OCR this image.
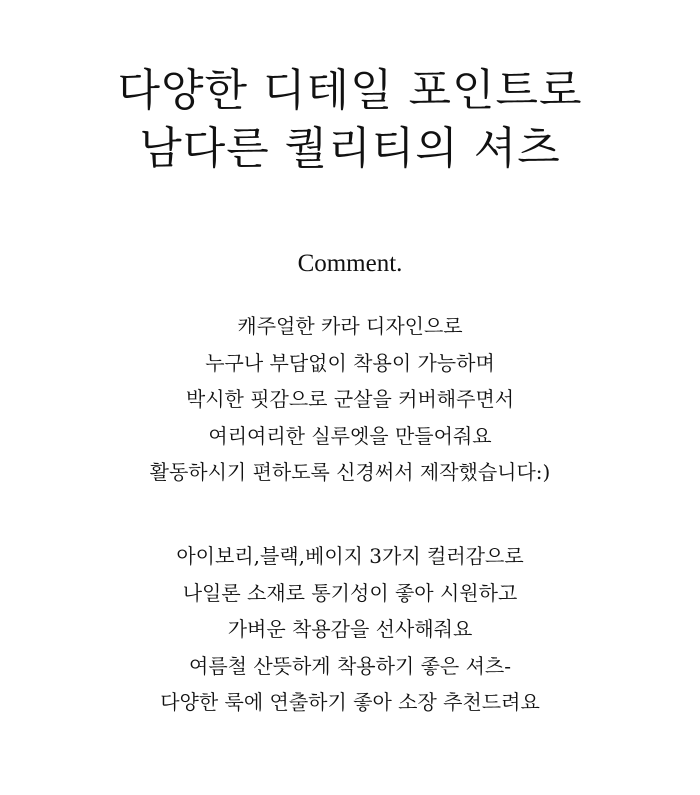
다양한 디테일 포인트로
남다른 퀄리티의 셔츠
Comment.
캐주얼한 카라 디자인으로
누구나 부담없이 착용이 가능하며
박시한 핏감으로 군살을 커버해주면서
여리여리한 실루엣을 만들어줘요
활동하시기 편하도록 신경써서 제작했습니다:)
아이보리,블랙,베이지 3가지 컬러감으로
나일론 소재로 통기성이 좋아 시원하고
가벼운 착용감을 선사해줘요
여름철 산뜻하게 착용하기 좋은 셔츠-
다양한 룩에 연출하기 좋아 소장 추천드려요
